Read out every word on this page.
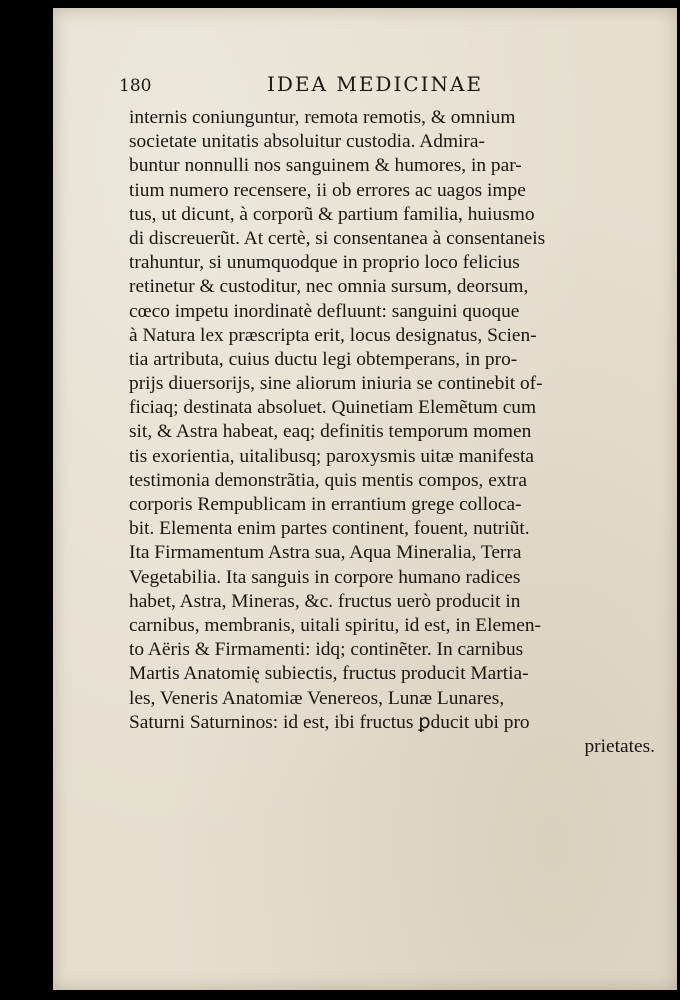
180	IDEA MEDICINAE
internis coniunguntur, remota remotis, & omnium
societate unitatis absoluitur custodia. Admira-
buntur nonnulli nos sanguinem & humores, in par-
tium numero recensere, ii ob errores ac uagos impe
tus, ut dicunt, à corporũ & partium familia, huiusmo
di discreuerũt. At certè, si consentanea à consentaneis
trahuntur, si unumquodque in proprio loco felicius
retinetur & custoditur, nec omnia sursum, deorsum,
cœco impetu inordinatè defluunt: sanguini quoque
à Natura lex præscripta erit, locus designatus, Scien-
tia artributa, cuius ductu legi obtemperans, in pro-
prijs diuersorijs, sine aliorum iniuria se continebit of-
ficiaq; destinata absoluet. Quinetiam Elemẽtum cum
sit, & Astra habeat, eaq; definitis temporum momen
tis exorientia, uitalibusq; paroxysmis uitæ manifesta
testimonia demonstrãtia, quis mentis compos, extra
corporis Rempublicam in errantium grege colloca-
bit. Elementa enim partes continent, fouent, nutriũt.
Ita Firmamentum Astra sua, Aqua Mineralia, Terra
Vegetabilia. Ita sanguis in corpore humano radices
habet, Astra, Mineras, &c. fructus uerò producit in
carnibus, membranis, uitali spiritu, id est, in Elemen-
to Aëris & Firmamenti: idq; continẽter. In carnibus
Martis Anatomię subiectis, fructus producit Martia-
les, Veneris Anatomiæ Venereos, Lunæ Lunares,
Saturni Saturninos: id est, ibi fructus ꝑducit ubi pro
prietates.
